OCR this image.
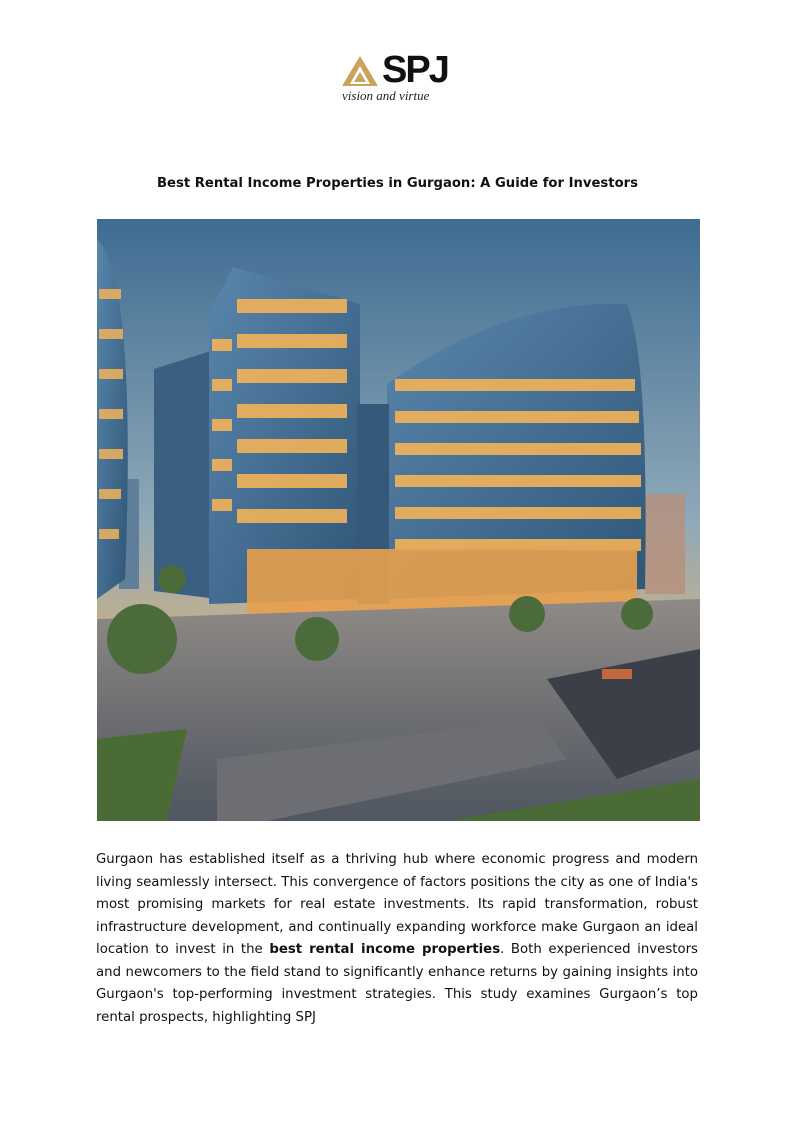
SPJ
vision and virtue
Best Rental Income Properties in Gurgaon: A Guide for Investors
Gurgaon has established itself as a thriving hub where economic progress and modern living seamlessly intersect. This convergence of factors positions the city as one of India's most promising markets for real estate investments. Its rapid transformation, robust infrastructure development, and continually expanding workforce make Gurgaon an ideal location to invest in the best rental income properties. Both experienced investors and newcomers to the field stand to significantly enhance returns by gaining insights into Gurgaon's top-performing investment strategies. This study examines Gurgaon’s top rental prospects, highlighting SPJ
